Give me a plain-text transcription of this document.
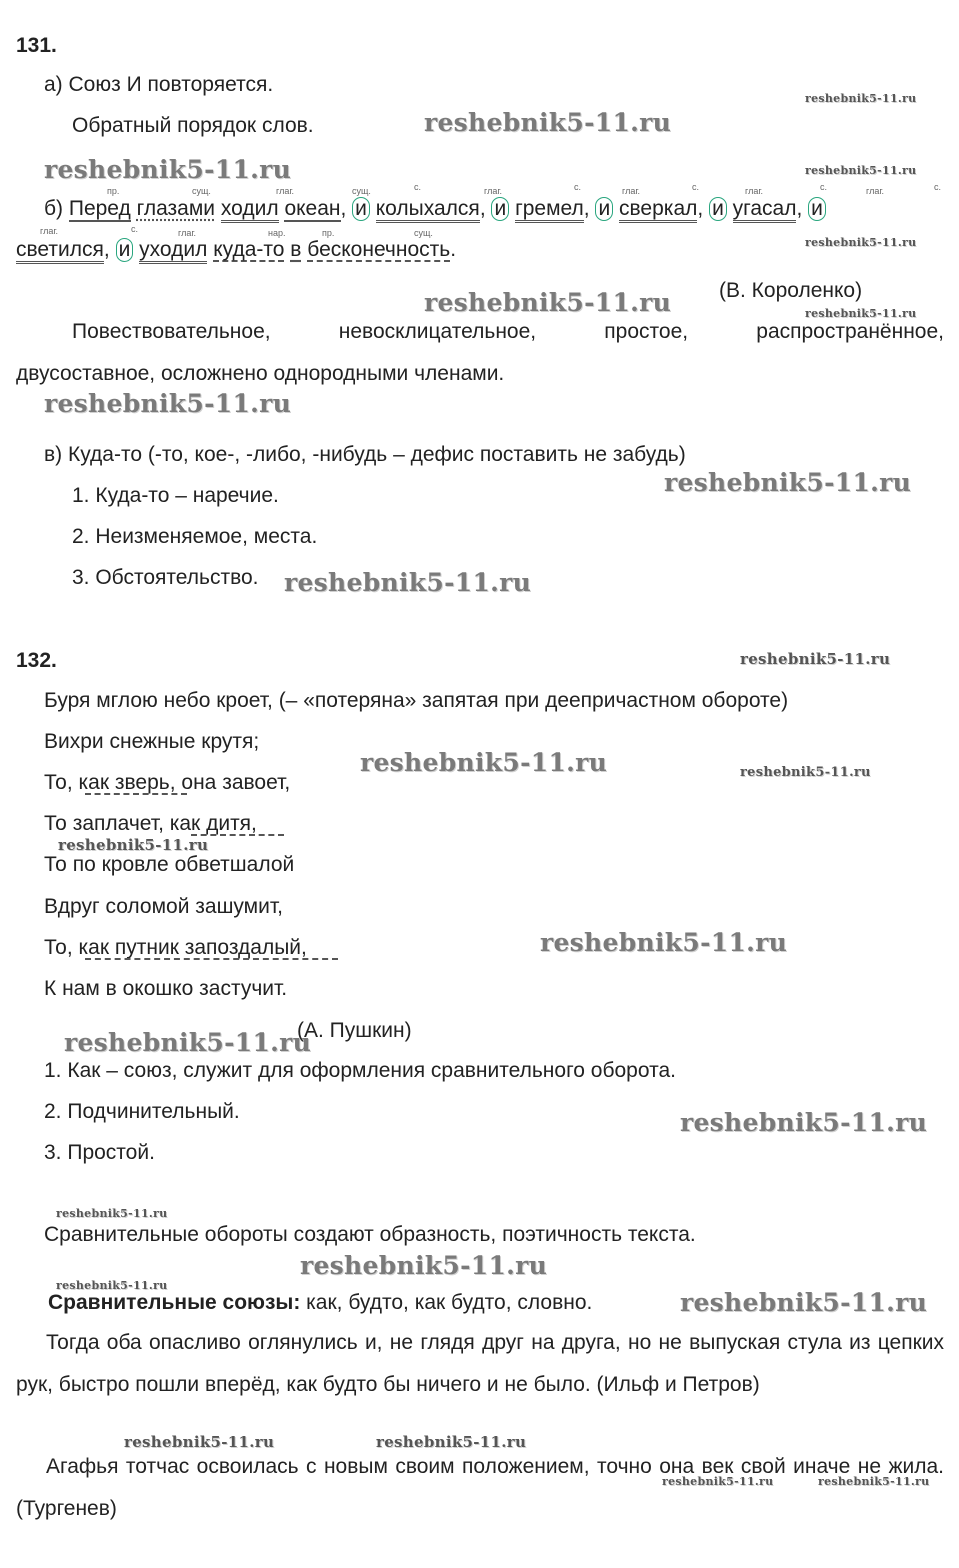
131.
а) Союз И повторяется.
Обратный порядок слов.
пр.	сущ.	глаг.	сущ.	с.	глаг.	с.	глаг.	с.	глаг.	с.	глаг.	с.
б) Перед глазами ходил океан, и колыхался, и гремел, и сверкал, и угасал, и
глаг.	с.	глаг.	нар.	пр.	сущ.
светился, и уходил куда-то в бесконечность.
(В. Короленко)
Повествовательное, невосклицательное, простое, распространённое,
двусоставное, осложнено однородными членами.
в) Куда-то (-то, кое-, -либо, -нибудь – дефис поставить не забудь)
1. Куда-то – наречие.
2. Неизменяемое, места.
3. Обстоятельство.
132.
Буря мглою небо кроет, (– «потеряна» запятая при деепричастном обороте)
Вихри снежные крутя;
То, как зверь, она завоет,
То заплачет, как дитя,
То по кровле обветшалой
Вдруг соломой зашумит,
То, как путник запоздалый,
К нам в окошко застучит.
(А. Пушкин)
1. Как – союз, служит для оформления сравнительного оборота.
2. Подчинительный.
3. Простой.
Сравнительные обороты создают образность, поэтичность текста.
Сравнительные союзы: как, будто, как будто, словно.
Тогда оба опасливо оглянулись и, не глядя друг на друга, но не выпуская стула из цепких рук, быстро пошли вперёд, как будто бы ничего и не было. (Ильф и Петров)
Агафья тотчас освоилась с новым своим положением, точно она век свой иначе не жила. (Тургенев)
reshebnik5-11.ru
reshebnik5-11.ru
reshebnik5-11.ru	reshebnik5-11.ru
reshebnik5-11.ru
reshebnik5-11.ru	reshebnik5-11.ru
reshebnik5-11.ru
reshebnik5-11.ru
reshebnik5-11.ru
reshebnik5-11.ru
reshebnik5-11.ru	reshebnik5-11.ru
reshebnik5-11.ru
reshebnik5-11.ru
reshebnik5-11.ru
reshebnik5-11.ru
reshebnik5-11.ru
reshebnik5-11.ru
reshebnik5-11.ru
reshebnik5-11.ru
reshebnik5-11.ru	reshebnik5-11.ru
reshebnik5-11.ru	reshebnik5-11.ru
